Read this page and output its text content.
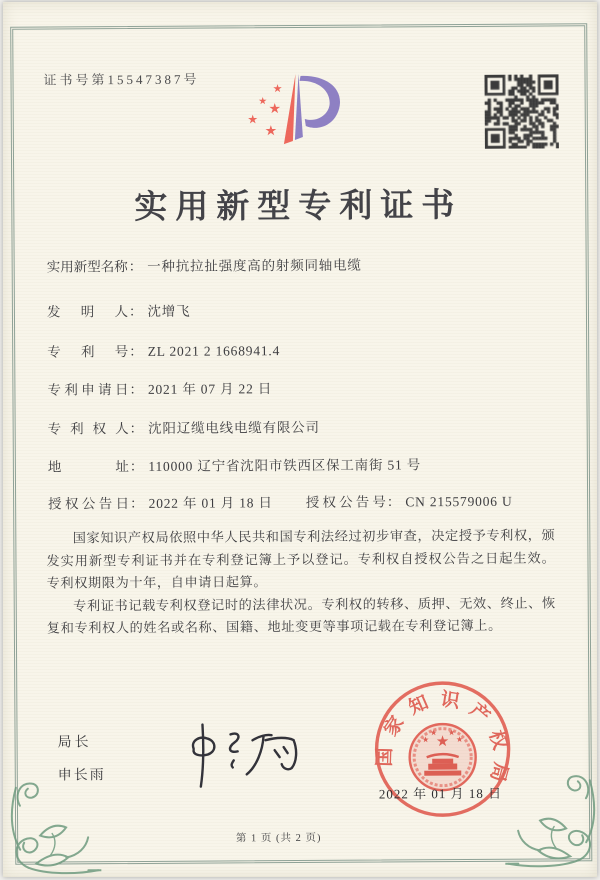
证书号第15547387号
★
★
★
★
★
实用新型专利证书
实用新型名称 ： 一种抗拉扯强度高的射频同轴电缆
发明人 ： 沈增飞
专利号 ： ZL 2021 2 1668941.4
专利申请日 ： 2021 年 07 月 22 日
专利权人 ： 沈阳辽缆电线电缆有限公司
地址 ： 110000 辽宁省沈阳市铁西区保工南街 51 号
授权公告日 ： 2022 年 01 月 18 日 授权公告号 ： CN 215579006 U

国家知识产权局依照中华人民共和国专利法经过初步审查，决定授予专利权，颁发实用新型专利证书并在专利登记簿上予以登记。专利权自授权公告之日起生效。专利权期限为十年，自申请日起算。

专利证书记载专利权登记时的法律状况。专利权的转移、质押、无效、终止、恢复和专利权人的姓名或名称、国籍、地址变更等事项记载在专利登记簿上。

局长
申长雨
国家知识产权局
★
★
★ ★
★
2022 年 01 月 18 日
第 1 页 (共 2 页)
